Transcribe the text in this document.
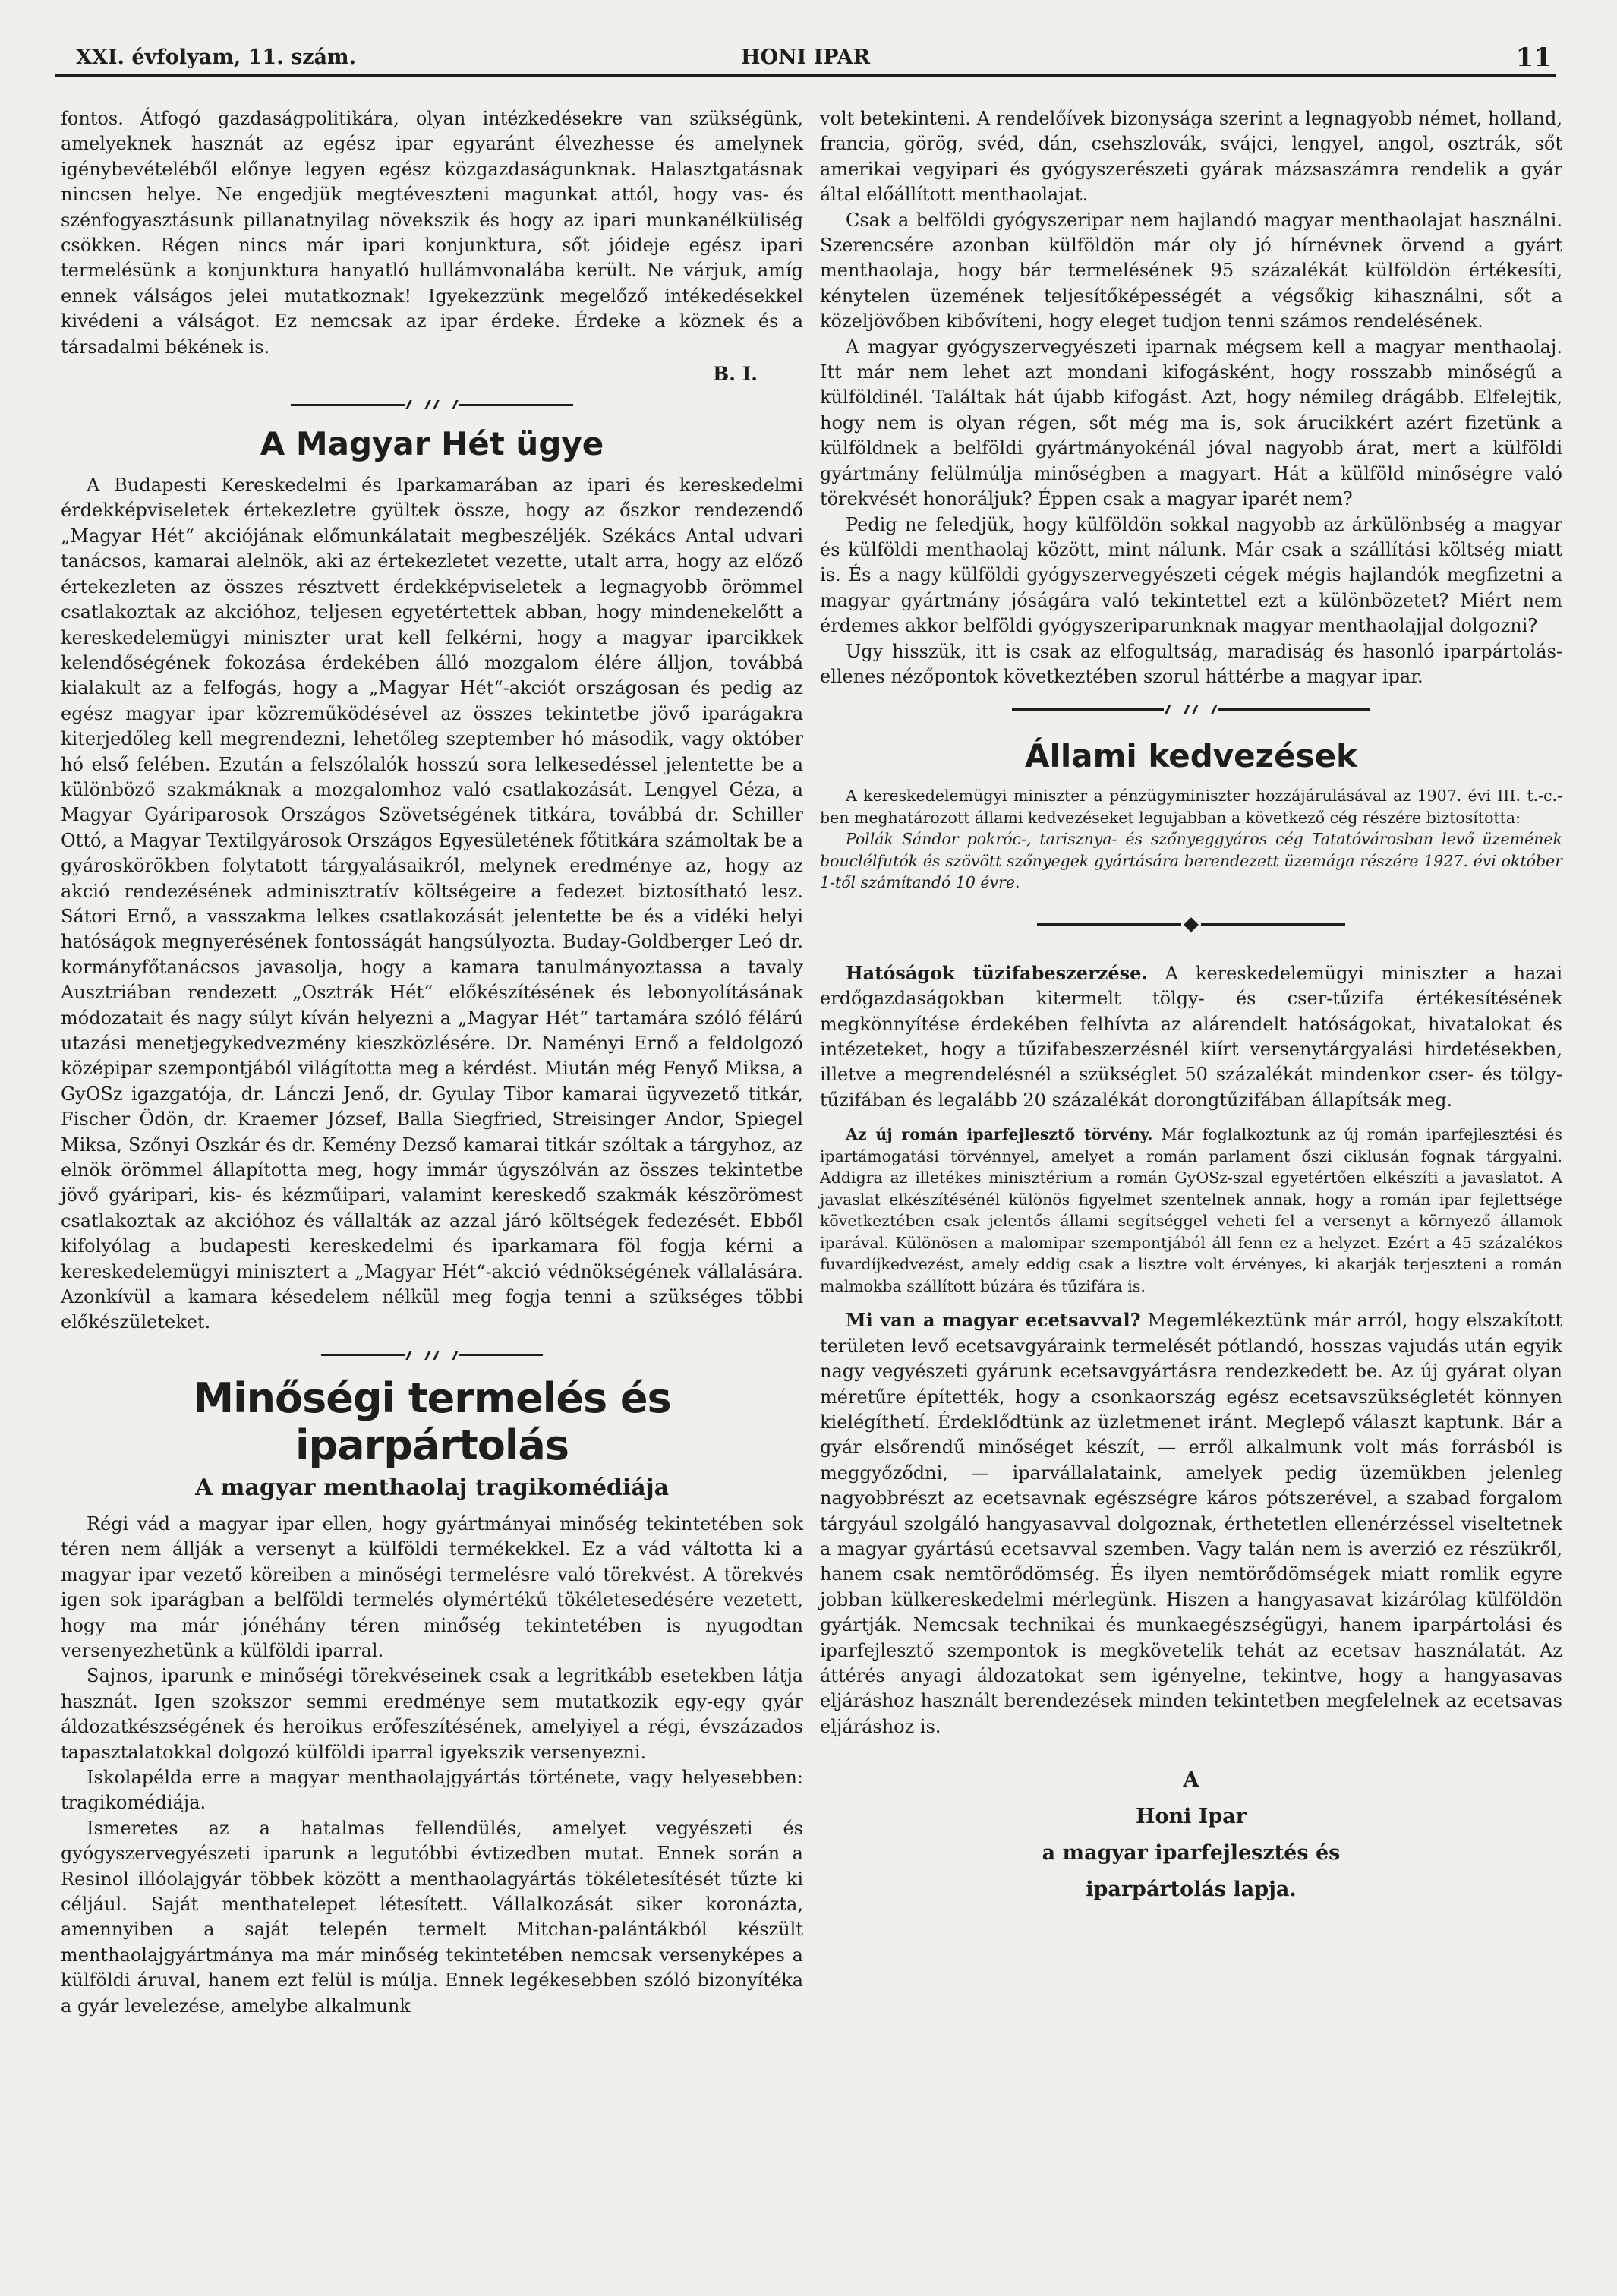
XXI. évfolyam, 11. szám.	HONI IPAR	11

fontos. Átfogó gazdaságpolitikára, olyan intézkedésekre van szükségünk, amelyeknek hasznát az egész ipar egyaránt élvezhesse és amelynek igénybevételéből előnye legyen egész közgazdaságunknak. Halasztgatásnak nincsen helye. Ne engedjük megtéveszteni magunkat attól, hogy vas- és szénfogyasztásunk pillanatnyilag növekszik és hogy az ipari munkanélküliség csökken. Régen nincs már ipari konjunktura, sőt jóideje egész ipari termelésünk a konjunktura hanyatló hullámvonalába került. Ne várjuk, amíg ennek válságos jelei mutatkoznak! Igyekezzünk megelőző intékedésekkel kivédeni a válságot. Ez nemcsak az ipar érdeke. Érdeke a köznek és a társadalmi békének is.

B. I.
A Magyar Hét ügye

A Budapesti Kereskedelmi és Iparkamarában az ipari és kereskedelmi érdekképviseletek értekezletre gyültek össze, hogy az őszkor rendezendő „Magyar Hét“ akciójának előmunkálatait megbeszéljék. Székács Antal udvari tanácsos, kamarai alelnök, aki az értekezletet vezette, utalt arra, hogy az előző értekezleten az összes résztvett érdekképviseletek a legnagyobb örömmel csatlakoztak az akcióhoz, teljesen egyetértettek abban, hogy mindenekelőtt a kereskedelemügyi miniszter urat kell felkérni, hogy a magyar iparcikkek kelendőségének fokozása érdekében álló mozgalom élére álljon, továbbá kialakult az a felfogás, hogy a „Magyar Hét“-akciót országosan és pedig az egész magyar ipar közreműködésével az összes tekintetbe jövő iparágakra kiterjedőleg kell megrendezni, lehetőleg szeptember hó második, vagy október hó első felében. Ezután a felszólalók hosszú sora lelkesedéssel jelentette be a különböző szakmáknak a mozgalomhoz való csatlakozását. Lengyel Géza, a Magyar Gyáriparosok Országos Szövetségének titkára, továbbá dr. Schiller Ottó, a Magyar Textilgyárosok Országos Egyesületének főtitkára számoltak be a gyároskörökben folytatott tárgyalásaikról, melynek eredménye az, hogy az akció rendezésének adminisztratív költségeire a fedezet biztosítható lesz. Sátori Ernő, a vasszakma lelkes csatlakozását jelentette be és a vidéki helyi hatóságok megnyerésének fontosságát hangsúlyozta. Buday-Goldberger Leó dr. kormányfőtanácsos javasolja, hogy a kamara tanulmányoztassa a tavaly Ausztriában rendezett „Osztrák Hét“ előkészítésének és lebonyolításának módozatait és nagy súlyt kíván helyezni a „Magyar Hét“ tartamára szóló félárú utazási menetjegykedvezmény kieszközlésére. Dr. Naményi Ernő a feldolgozó középipar szempontjából világította meg a kérdést. Miután még Fenyő Miksa, a GyOSz igazgatója, dr. Lánczi Jenő, dr. Gyulay Tibor kamarai ügyvezető titkár, Fischer Ödön, dr. Kraemer József, Balla Siegfried, Streisinger Andor, Spiegel Miksa, Szőnyi Oszkár és dr. Kemény Dezső kamarai titkár szóltak a tárgyhoz, az elnök örömmel állapította meg, hogy immár úgyszólván az összes tekintetbe jövő gyáripari, kis- és kézműipari, valamint kereskedő szakmák készörömest csatlakoztak az akcióhoz és vállalták az azzal járó költségek fedezését. Ebből kifolyólag a budapesti kereskedelmi és iparkamara föl fogja kérni a kereskedelemügyi minisztert a „Magyar Hét“-akció védnökségének vállalására. Azonkívül a kamara késedelem nélkül meg fogja tenni a szükséges többi előkészületeket.

Minőségi termelés és iparpártolás
A magyar menthaolaj tragikomédiája

Régi vád a magyar ipar ellen, hogy gyártmányai minőség tekintetében sok téren nem állják a versenyt a külföldi termékekkel. Ez a vád váltotta ki a magyar ipar vezető köreiben a minőségi termelésre való törekvést. A törekvés igen sok iparágban a belföldi termelés olymértékű tökéletesedésére vezetett, hogy ma már jónéhány téren minőség tekintetében is nyugodtan versenyezhetünk a külföldi iparral.

Sajnos, iparunk e minőségi törekvéseinek csak a legritkább esetekben látja hasznát. Igen szokszor semmi eredménye sem mutatkozik egy-egy gyár áldozatkészségének és heroikus erőfeszítésének, amelyiyel a régi, évszázados tapasztalatokkal dolgozó külföldi iparral igyekszik versenyezni.

Iskolapélda erre a magyar menthaolajgyártás története, vagy helyesebben: tragikomédiája.

Ismeretes az a hatalmas fellendülés, amelyet vegyészeti és gyógyszervegyészeti iparunk a legutóbbi évtizedben mutat. Ennek során a Resinol illóolajgyár többek között a menthaolagyártás tökéletesítését tűzte ki céljául. Saját menthatelepet létesített. Vállalkozását siker koronázta, amennyiben a saját telepén termelt Mitchan-palántákból készült menthaolajgyártmánya ma már minőség tekintetében nemcsak versenyképes a külföldi áruval, hanem ezt felül is múlja. Ennek legékesebben szóló bizonyítéka a gyár levelezése, amelybe alkalmunk

volt betekinteni. A rendelőívek bizonysága szerint a legnagyobb német, holland, francia, görög, svéd, dán, csehszlovák, svájci, lengyel, angol, osztrák, sőt amerikai vegyipari és gyógyszerészeti gyárak mázsaszámra rendelik a gyár által előállított menthaolajat.

Csak a belföldi gyógyszeripar nem hajlandó magyar menthaolajat használni. Szerencsére azonban külföldön már oly jó hírnévnek örvend a gyárt menthaolaja, hogy bár termelésének 95 százalékát külföldön értékesíti, kénytelen üzemének teljesítőképességét a végsőkig kihasználni, sőt a közeljövőben kibővíteni, hogy eleget tudjon tenni számos rendelésének.

A magyar gyógyszervegyészeti iparnak mégsem kell a magyar menthaolaj. Itt már nem lehet azt mondani kifogásként, hogy rosszabb minőségű a külföldinél. Találtak hát újabb kifogást. Azt, hogy némileg drágább. Elfelejtik, hogy nem is olyan régen, sőt még ma is, sok árucikkért azért fizetünk a külföldnek a belföldi gyártmányokénál jóval nagyobb árat, mert a külföldi gyártmány felülmúlja minőségben a magyart. Hát a külföld minőségre való törekvését honoráljuk? Éppen csak a magyar iparét nem?

Pedig ne feledjük, hogy külföldön sokkal nagyobb az árkülönbség a magyar és külföldi menthaolaj között, mint nálunk. Már csak a szállítási költség miatt is. És a nagy külföldi gyógyszervegyészeti cégek mégis hajlandók megfizetni a magyar gyártmány jóságára való tekintettel ezt a különbözetet? Miért nem érdemes akkor belföldi gyógyszeriparunknak magyar menthaolajjal dolgozni?

Ugy hisszük, itt is csak az elfogultság, maradiság és hasonló iparpártolás-ellenes nézőpontok következtében szorul háttérbe a magyar ipar.

Állami kedvezések

A kereskedelemügyi miniszter a pénzügyminiszter hozzájárulásával az 1907. évi III. t.-c.-ben meghatározott állami kedvezéseket legujabban a következő cég részére biztosította:

Pollák Sándor pokróc-, tarisznya- és szőnyeggyáros cég Tatatóvárosban levő üzemének bouclélfutók és szövött szőnyegek gyártására berendezett üzemága részére 1927. évi október 1-től számítandó 10 évre.

Hatóságok tüzifabeszerzése. A kereskedelemügyi miniszter a hazai erdőgazdaságokban kitermelt tölgy- és cser-tűzifa értékesítésének megkönnyítése érdekében felhívta az alárendelt hatóságokat, hivatalokat és intézeteket, hogy a tűzifabeszerzésnél kiírt versenytárgyalási hirdetésekben, illetve a megrendelésnél a szükséglet 50 százalékát mindenkor cser- és tölgy-tűzifában és legalább 20 százalékát dorongtűzifában állapítsák meg.

Az új román iparfejlesztő törvény. Már foglalkoztunk az új román iparfejlesztési és ipartámogatási törvénnyel, amelyet a román parlament őszi ciklusán fognak tárgyalni. Addigra az illetékes minisztérium a román GyOSz-szal egyetértően elkészíti a javaslatot. A javaslat elkészítésénél különös figyelmet szentelnek annak, hogy a román ipar fejlettsége következtében csak jelentős állami segítséggel veheti fel a versenyt a környező államok iparával. Különösen a malomipar szempontjából áll fenn ez a helyzet. Ezért a 45 százalékos fuvardíjkedvezést, amely eddig csak a lisztre volt érvényes, ki akarják terjeszteni a román malmokba szállított búzára és tűzifára is.

Mi van a magyar ecetsavval? Megemlékeztünk már arról, hogy elszakított területen levő ecetsavgyáraink termelését pótlandó, hosszas vajudás után egyik nagy vegyészeti gyárunk ecetsavgyártásra rendezkedett be. Az új gyárat olyan méretűre építették, hogy a csonkaország egész ecetsavszükségletét könnyen kielégíthetí. Érdeklődtünk az üzletmenet iránt. Meglepő választ kaptunk. Bár a gyár elsőrendű minőséget készít, — erről alkalmunk volt más forrásból is meggyőződni, — iparvállalataink, amelyek pedig üzemükben jelenleg nagyobbrészt az ecetsavnak egészségre káros pótszerével, a szabad forgalom tárgyául szolgáló hangyasavval dolgoznak, érthetetlen ellenérzéssel viseltetnek a magyar gyártású ecetsavval szemben. Vagy talán nem is averzió ez részükről, hanem csak nemtörődömség. És ilyen nemtörődömségek miatt romlik egyre jobban külkereskedelmi mérlegünk. Hiszen a hangyasavat kizárólag külföldön gyártják. Nemcsak technikai és munkaegészségügyi, hanem iparpártolási és iparfejlesztő szempontok is megkövetelik tehát az ecetsav használatát. Az áttérés anyagi áldozatokat sem igényelne, tekintve, hogy a hangyasavas eljáráshoz használt berendezések minden tekintetben megfelelnek az ecetsavas eljáráshoz is.

A
Honi Ipar
a magyar iparfejlesztés és
iparpártolás lapja.
